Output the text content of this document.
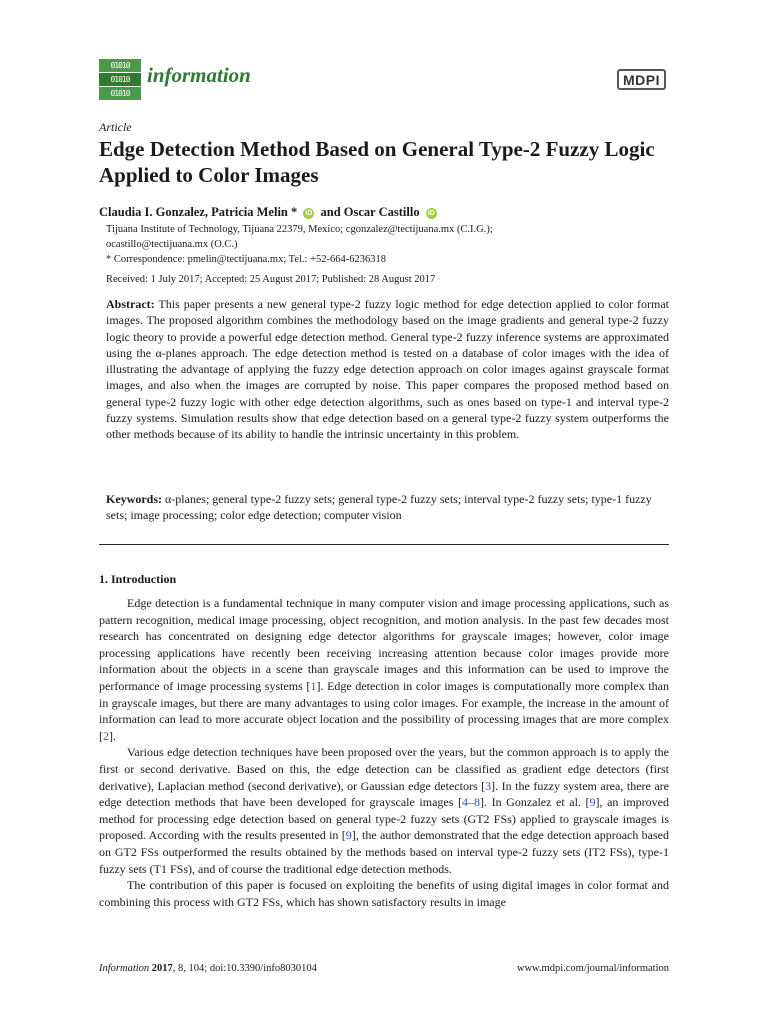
01010
01010
01010
information	MDPI
Article
Edge Detection Method Based on General Type-2 Fuzzy Logic Applied to Color Images
Claudia I. Gonzalez, Patricia Melin * iD and Oscar Castillo iD
Tijuana Institute of Technology, Tijuana 22379, Mexico; cgonzalez@tectijuana.mx (C.I.G.);
ocastillo@tectijuana.mx (O.C.)
* Correspondence: pmelin@tectijuana.mx; Tel.: +52-664-6236318
Received: 1 July 2017; Accepted: 25 August 2017; Published: 28 August 2017
Abstract: This paper presents a new general type-2 fuzzy logic method for edge detection applied to color format images. The proposed algorithm combines the methodology based on the image gradients and general type-2 fuzzy logic theory to provide a powerful edge detection method. General type-2 fuzzy inference systems are approximated using the α-planes approach. The edge detection method is tested on a database of color images with the idea of illustrating the advantage of applying the fuzzy edge detection approach on color images against grayscale format images, and also when the images are corrupted by noise. This paper compares the proposed method based on general type-2 fuzzy logic with other edge detection algorithms, such as ones based on type-1 and interval type-2 fuzzy systems. Simulation results show that edge detection based on a general type-2 fuzzy system outperforms the other methods because of its ability to handle the intrinsic uncertainty in this problem.
Keywords: α-planes; general type-2 fuzzy sets; general type-2 fuzzy sets; interval type-2 fuzzy sets; type-1 fuzzy sets; image processing; color edge detection; computer vision
1. Introduction

Edge detection is a fundamental technique in many computer vision and image processing applications, such as pattern recognition, medical image processing, object recognition, and motion analysis. In the past few decades most research has concentrated on designing edge detector algorithms for grayscale images; however, color image processing applications have recently been receiving increasing attention because color images provide more information about the objects in a scene than grayscale images and this information can be used to improve the performance of image processing systems [1]. Edge detection in color images is computationally more complex than in grayscale images, but there are many advantages to using color images. For example, the increase in the amount of information can lead to more accurate object location and the possibility of processing images that are more complex [2].

Various edge detection techniques have been proposed over the years, but the common approach is to apply the first or second derivative. Based on this, the edge detection can be classified as gradient edge detectors (first derivative), Laplacian method (second derivative), or Gaussian edge detectors [3]. In the fuzzy system area, there are edge detection methods that have been developed for grayscale images [4–8]. In Gonzalez et al. [9], an improved method for processing edge detection based on general type-2 fuzzy sets (GT2 FSs) applied to grayscale images is proposed. According with the results presented in [9], the author demonstrated that the edge detection approach based on GT2 FSs outperformed the results obtained by the methods based on interval type-2 fuzzy sets (IT2 FSs), type-1 fuzzy sets (T1 FSs), and of course the traditional edge detection methods.

The contribution of this paper is focused on exploiting the benefits of using digital images in color format and combining this process with GT2 FSs, which has shown satisfactory results in image

Information 2017, 8, 104; doi:10.3390/info8030104	www.mdpi.com/journal/information
